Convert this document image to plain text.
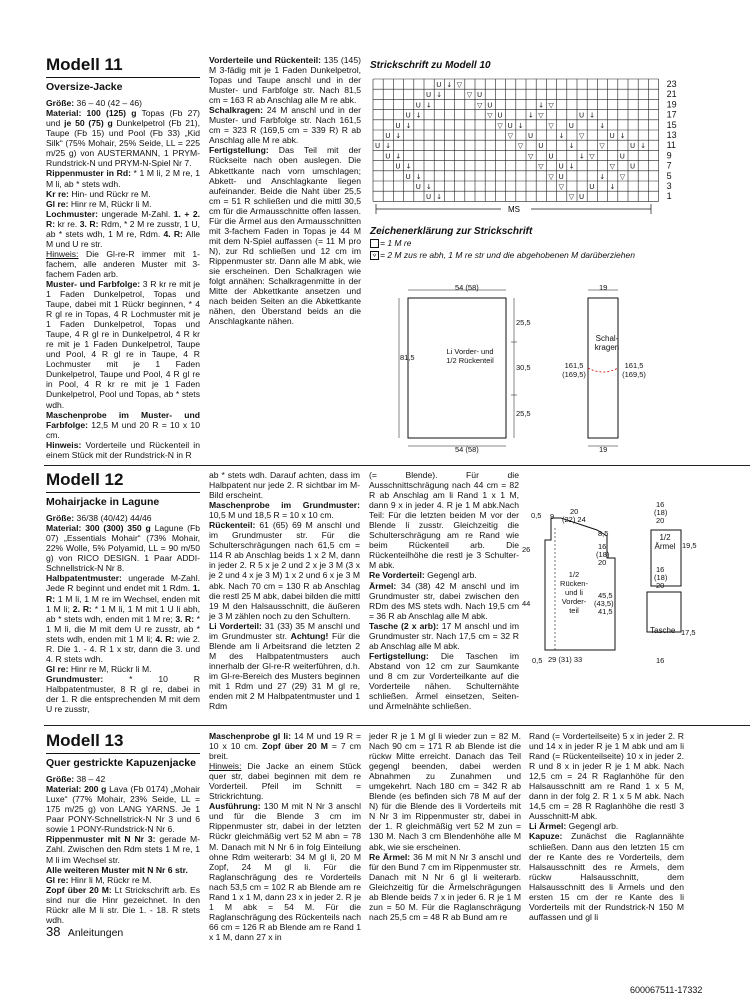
Modell 11
Oversize-Jacke

Größe: 36 – 40 (42 – 46)
Material: 100 (125) g Topas (Fb 27) und je 50 (75) g Dunkelpetrol (Fb 21), Taupe (Fb 15) und Pool (Fb 33) „Kid Silk“ (75% Mohair, 25% Seide, LL = 225 m/25 g) von AUSTERMANN, 1 PRYM-Rundstrick-N und PRYM-N-Spiel Nr 7.
Rippenmuster in Rd: * 1 M li, 2 M re, 1 M li, ab * stets wdh.
Kr re: Hin- und Rückr re M.
Gl re: Hinr re M, Rückr li M.
Lochmuster: ungerade M-Zahl. 1. + 2. R: kr re. 3. R: Rdm, * 2 M re zusstr, 1 U, ab * stets wdh, 1 M re, Rdm. 4. R: Alle M und U re str.
Hinweis: Die Gl-re-R immer mit 1-fachem, alle anderen Muster mit 3-fachem Faden arb.
Muster- und Farbfolge: 3 R kr re mit je 1 Faden Dunkelpetrol, Topas und Taupe, dabei mit 1 Rückr beginnen, * 4 R gl re in Topas, 4 R Lochmuster mit je 1 Faden Dunkelpetrol, Topas und Taupe, 4 R gl re in Dunkelpetrol, 4 R kr re mit je 1 Faden Dunkelpetrol, Taupe und Pool, 4 R gl re in Taupe, 4 R Lochmuster mit je 1 Faden Dunkelpetrol, Taupe und Pool, 4 R gl re in Pool, 4 R kr re mit je 1 Faden Dunkelpetrol, Pool und Topas, ab * stets wdh.
Maschenprobe im Muster- und Farbfolge: 12,5 M und 20 R = 10 x 10 cm.
Hinweis: Vorderteile und Rückenteil in einem Stück mit der Rundstrick-N in R

Vorderteile und Rückenteil: 135 (145) M 3-fädig mit je 1 Faden Dunkelpetrol, Topas und Taupe anschl und in der Muster- und Farbfolge str. Nach 81,5 cm = 163 R ab Anschlag alle M re abk.
Schalkragen: 24 M anschl und in der Muster- und Farbfolge str. Nach 161,5 cm = 323 R (169,5 cm = 339 R) R ab Anschlag alle M re abk.
Fertigstellung: Das Teil mit der Rückseite nach oben auslegen. Die Abkettkante nach vorn umschlagen; Abkett- und Anschlagkante liegen aufeinander. Beide die Naht über 25,5 cm = 51 R schließen und die mittl 30,5 cm für die Armausschnitte offen lassen. Für die Ärmel aus den Armausschnitten mit 3-fachem Faden in Topas je 44 M mit dem N-Spiel auffassen (= 11 M pro N), zur Rd schließen und 12 cm im Rippenmuster str. Dann alle M abk, wie sie erscheinen. Den Schalkragen wie folgt annähen: Schalkragenmitte in der Mitte der Abkettkante ansetzen und nach beiden Seiten an die Abkettkante nähen, den Überstand beids an die Anschlagkante nähen.

Strickschrift zu Modell 10
U ↓ ▽
U ↓	▽ U
U ↓	▽ U	↓ ▽
U ↓	▽ U	↓ ▽	U ↓
U ↓	▽ U ↓	▽ U	↓
U ↓	▽ U	↓ ▽	U ↓
U ↓	▽ U	↓	▽	U ↓
U ↓	▽ U	↓ ▽	U
U ↓	▽ U ↓	▽ U
U ↓	▽ U	↓ ▽
U ↓	▽	U ↓
U ↓	▽ U
23
21
19
17
15
13
11
9
7
5
3
1
MS
Zeichenerklärung zur Strickschrift
= 1 M re
⩒ = 2 M zus re abh, 1 M re str und die abgehobenen M darüberziehen
54 (58)
54 (58)
81,5
25,5
30,5
25,5
Li Vorder- und 1/2 Rückenteil
19
19
161,5 (169,5)
161,5 (169,5)
Schal- kragen
Modell 12
Mohairjacke in Lagune

Größe: 36/38 (40/42) 44/46
Material: 300 (300) 350 g Lagune (Fb 07) „Essentials Mohair“ (73% Mohair, 22% Wolle, 5% Polyamid, LL = 90 m/50 g) von RICO DESIGN. 1 Paar ADDI-Schnellstrick-N Nr 8.
Halbpatentmuster: ungerade M-Zahl. Jede R beginnt und endet mit 1 Rdm. 1. R: 1 M li, 1 M re im Wechsel, enden mit 1 M li; 2. R: * 1 M li, 1 M mit 1 U li abh, ab * stets wdh, enden mit 1 M re; 3. R: * 1 M li, die M mit dem U re zusstr, ab * stets wdh, enden mit 1 M li; 4. R: wie 2. R. Die 1. - 4. R 1 x str, dann die 3. und 4. R stets wdh.
Gl re: Hinr re M, Rückr li M.
Grundmuster: * 10 R Halbpatentmuster, 8 R gl re, dabei in der 1. R die entsprechenden M mit dem U re zusstr,

ab * stets wdh. Darauf achten, dass im Halbpatent nur jede 2. R sichtbar im M-Bild erscheint.
Maschenprobe im Grundmuster: 10,5 M und 18,5 R = 10 x 10 cm.
Rückenteil: 61 (65) 69 M anschl und im Grundmuster str. Für die Schulterschrägungen nach 61,5 cm = 114 R ab Anschlag beids 1 x 2 M, dann in jeder 2. R 5 x je 2 und 2 x je 3 M (3 x je 2 und 4 x je 3 M) 1 x 2 und 6 x je 3 M abk. Nach 70 cm = 130 R ab Anschlag die restl 25 M abk, dabei bilden die mittl 19 M den Halsausschnitt, die äußeren je 3 M zählen noch zu den Schultern.
Li Vorderteil: 31 (33) 35 M anschl und im Grundmuster str. Achtung! Für die Blende am li Arbeitsrand die letzten 2 M des Halbpatentmusters auch innerhalb der Gl-re-R weiterführen, d.h. im Gl-re-Bereich des Musters beginnen mit 1 Rdm und 27 (29) 31 M gl re, enden mit 2 M Halbpatentmuster und 1 Rdm

(= Blende). Für die Ausschnittschrägung nach 44 cm = 82 R ab Anschlag am li Rand 1 x 1 M, dann 9 x in jeder 4. R je 1 M abk.Nach Teil: Für die letzten beiden M vor der Blende li zusstr. Gleichzeitig die Schulterschrägung am re Rand wie beim Rückenteil arb. Die Rückenteilhöhe die restl je 3 Schulter-M abk.
Re Vorderteil: Gegengl arb.
Ärmel: 34 (38) 42 M anschl und im Grundmuster str, dabei zwischen den RDm des MS stets wdh. Nach 19,5 cm = 36 R ab Anschlag alle M abk.
Tasche (2 x arb): 17 M anschl und im Grundmuster str. Nach 17,5 cm = 32 R ab Anschlag alle M abk.
Fertigstellung: Die Taschen im Abstand von 12 cm zur Saumkante und 8 cm zur Vorderteilkante auf die Vorderteile nähen. Schulternähte schließen. Ärmel einsetzen, Seiten- und Ärmelnähte schließen.

0,5 9
20
(22) 24
8,5
16
(18)
20
26
44
1/2 Rücken- und li Vorder- teil
45,5
(43,5)
41,5
0,5 29 (31) 33
16
(18)
20
1/2 Ärmel 19,5
16
(18)
20
Tasche 17,5
16
Modell 13
Quer gestrickte Kapuzenjacke

Größe: 38 – 42
Material: 200 g Lava (Fb 0174) „Mohair Luxe“ (77% Mohair, 23% Seide, LL = 175 m/25 g) von LANG YARNS. Je 1 Paar PONY-Schnellstrick-N Nr 3 und 6 sowie 1 PONY-Rundstrick-N Nr 6.
Rippenmuster mit N Nr 3: gerade M-Zahl. Zwischen den Rdm stets 1 M re, 1 M li im Wechsel str.
Alle weiteren Muster mit N Nr 6 str.
Gl re: Hinr li M, Rückr re M.
Zopf über 20 M: Lt Strickschrift arb. Es sind nur die Hinr gezeichnet. In den Rückr alle M li str. Die 1. - 18. R stets wdh.

Maschenprobe gl li: 14 M und 19 R = 10 x 10 cm. Zopf über 20 M = 7 cm breit.
Hinweis: Die Jacke an einem Stück quer str, dabei beginnen mit dem re Vorderteil. Pfeil im Schnitt = Strickrichtung.
Ausführung: 130 M mit N Nr 3 anschl und für die Blende 3 cm im Rippenmuster str, dabei in der letzten Rückr gleichmäßig vert 52 M abn = 78 M. Danach mit N Nr 6 in folg Einteilung ohne Rdm weiterarb: 34 M gl li, 20 M Zopf, 24 M gl li. Für die Raglanschrägung des re Vorderteils nach 53,5 cm = 102 R ab Blende am re Rand 1 x 1 M, dann 23 x in jeder 2. R je 1 M abk = 54 M. Für die Raglanschrägung des Rückenteils nach 66 cm = 126 R ab Blende am re Rand 1 x 1 M, dann 27 x in

jeder R je 1 M gl li wieder zun = 82 M. Nach 90 cm = 171 R ab Blende ist die rückw Mitte erreicht. Danach das Teil gegengl beenden, dabei werden Abnahmen zu Zunahmen und umgekehrt. Nach 180 cm = 342 R ab Blende (es befinden sich 78 M auf der N) für die Blende des li Vorderteils mit N Nr 3 im Rippenmuster str, dabei in der 1. R gleichmäßig vert 52 M zun = 130 M. Nach 3 cm Blendenhöhe alle M abk, wie sie erscheinen.
Re Ärmel: 36 M mit N Nr 3 anschl und für den Bund 7 cm im Rippenmuster str. Danach mit N Nr 6 gl li weiterarb. Gleichzeitig für die Ärmelschrägungen ab Blende beids 7 x in jeder 6. R je 1 M zun = 50 M. Für die Raglanschrägung nach 25,5 cm = 48 R ab Bund am re

Rand (= Vorderteilseite) 5 x in jeder 2. R und 14 x in jeder R je 1 M abk und am li Rand (= Rückenteilseite) 10 x in jeder 2. R und 8 x in jeder R je 1 M abk. Nach 12,5 cm = 24 R Raglanhöhe für den Halsausschnitt am re Rand 1 x 5 M, dann in der folg 2. R 1 x 5 M abk. Nach 14,5 cm = 28 R Raglanhöhe die restl 3 Ausschnitt-M abk.
Li Ärmel: Gegengl arb.
Kapuze: Zunächst die Raglannähte schließen. Dann aus den letzten 15 cm der re Kante des re Vorderteils, dem Halsausschnitt des re Ärmels, dem rückw Halsausschnitt, dem Halsausschnitt des li Ärmels und den ersten 15 cm der re Kante des li Vorderteils mit der Rundstrick-N 150 M auffassen und gl li

38 Anleitungen
600067511-17332
